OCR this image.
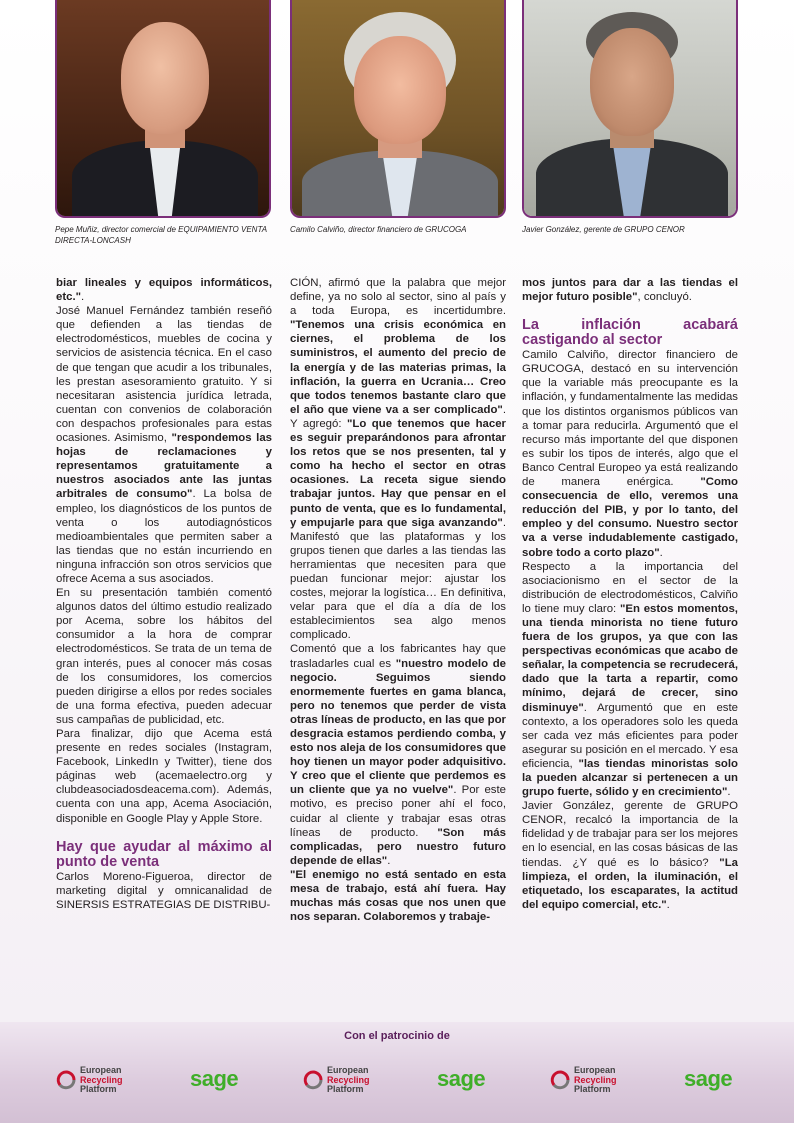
Pepe Muñiz, director comercial de EQUIPAMIENTO VENTA DIRECTA-LONCASH
Camilo Calviño, director financiero de GRUCOGA	Javier González, gerente de GRUPO CENOR

biar lineales y equipos informáticos, etc.".

José Manuel Fernández también reseñó que defienden a las tiendas de electrodomésticos, muebles de cocina y servicios de asistencia técnica. En el caso de que tengan que acudir a los tribunales, les prestan asesoramiento gratuito. Y si necesitaran asistencia jurídica letrada, cuentan con convenios de colaboración con despachos profesionales para estas ocasiones. Asimismo, "respondemos las hojas de reclamaciones y representamos gratuitamente a nuestros asociados ante las juntas arbitrales de consumo". La bolsa de empleo, los diagnósticos de los puntos de venta o los autodiagnósticos medioambientales que permiten saber a las tiendas que no están incurriendo en ninguna infracción son otros servicios que ofrece Acema a sus asociados.

En su presentación también comentó algunos datos del último estudio realizado por Acema, sobre los hábitos del consumidor a la hora de comprar electrodomésticos. Se trata de un tema de gran interés, pues al conocer más cosas de los consumidores, los comercios pueden dirigirse a ellos por redes sociales de una forma efectiva, pueden adecuar sus campañas de publicidad, etc.

Para finalizar, dijo que Acema está presente en redes sociales (Instagram, Facebook, LinkedIn y Twitter), tiene dos páginas web (acemaelectro.org y clubdeasociadosdeacema.com). Además, cuenta con una app, Acema Asociación, disponible en Google Play y Apple Store.

Hay que ayudar al máximo al punto de venta

Carlos Moreno-Figueroa, director de marketing digital y omnicanalidad de SINERSIS ESTRATEGIAS DE DISTRIBU-

CIÓN, afirmó que la palabra que mejor define, ya no solo al sector, sino al país y a toda Europa, es incertidumbre. "Tenemos una crisis económica en ciernes, el problema de los suministros, el aumento del precio de la energía y de las materias primas, la inflación, la guerra en Ucrania… Creo que todos tenemos bastante claro que el año que viene va a ser complicado". Y agregó: "Lo que tenemos que hacer es seguir preparándonos para afrontar los retos que se nos presenten, tal y como ha hecho el sector en otras ocasiones. La receta sigue siendo trabajar juntos. Hay que pensar en el punto de venta, que es lo fundamental, y empujarle para que siga avanzando". Manifestó que las plataformas y los grupos tienen que darles a las tiendas las herramientas que necesiten para que puedan funcionar mejor: ajustar los costes, mejorar la logística… En definitiva, velar para que el día a día de los establecimientos sea algo menos complicado.

Comentó que a los fabricantes hay que trasladarles cual es "nuestro modelo de negocio. Seguimos siendo enormemente fuertes en gama blanca, pero no tenemos que perder de vista otras líneas de producto, en las que por desgracia estamos perdiendo comba, y esto nos aleja de los consumidores que hoy tienen un mayor poder adquisitivo. Y creo que el cliente que perdemos es un cliente que ya no vuelve". Por este motivo, es preciso poner ahí el foco, cuidar al cliente y trabajar esas otras líneas de producto. "Son más complicadas, pero nuestro futuro depende de ellas".

"El enemigo no está sentado en esta mesa de trabajo, está ahí fuera. Hay muchas más cosas que nos unen que nos separan. Colaboremos y trabaje-

mos juntos para dar a las tiendas el mejor futuro posible", concluyó.

La inflación acabará castigando al sector

Camilo Calviño, director financiero de GRUCOGA, destacó en su intervención que la variable más preocupante es la inflación, y fundamentalmente las medidas que los distintos organismos públicos van a tomar para reducirla. Argumentó que el recurso más importante del que disponen es subir los tipos de interés, algo que el Banco Central Europeo ya está realizando de manera enérgica. "Como consecuencia de ello, veremos una reducción del PIB, y por lo tanto, del empleo y del consumo. Nuestro sector va a verse indudablemente castigado, sobre todo a corto plazo".

Respecto a la importancia del asociacionismo en el sector de la distribución de electrodomésticos, Calviño lo tiene muy claro: "En estos momentos, una tienda minorista no tiene futuro fuera de los grupos, ya que con las perspectivas económicas que acabo de señalar, la competencia se recrudecerá, dado que la tarta a repartir, como mínimo, dejará de crecer, sino disminuye". Argumentó que en este contexto, a los operadores solo les queda ser cada vez más eficientes para poder asegurar su posición en el mercado. Y esa eficiencia, "las tiendas minoristas solo la pueden alcanzar si pertenecen a un grupo fuerte, sólido y en crecimiento".

Javier González, gerente de GRUPO CENOR, recalcó la importancia de la fidelidad y de trabajar para ser los mejores en lo esencial, en las cosas básicas de las tiendas. ¿Y qué es lo básico? "La limpieza, el orden, la iluminación, el etiquetado, los escaparates, la actitud del equipo comercial, etc.".

Con el patrocinio de
European
Recycling
Platform	sage	European
Recycling
Platform	sage	European
Recycling
Platform	sage
